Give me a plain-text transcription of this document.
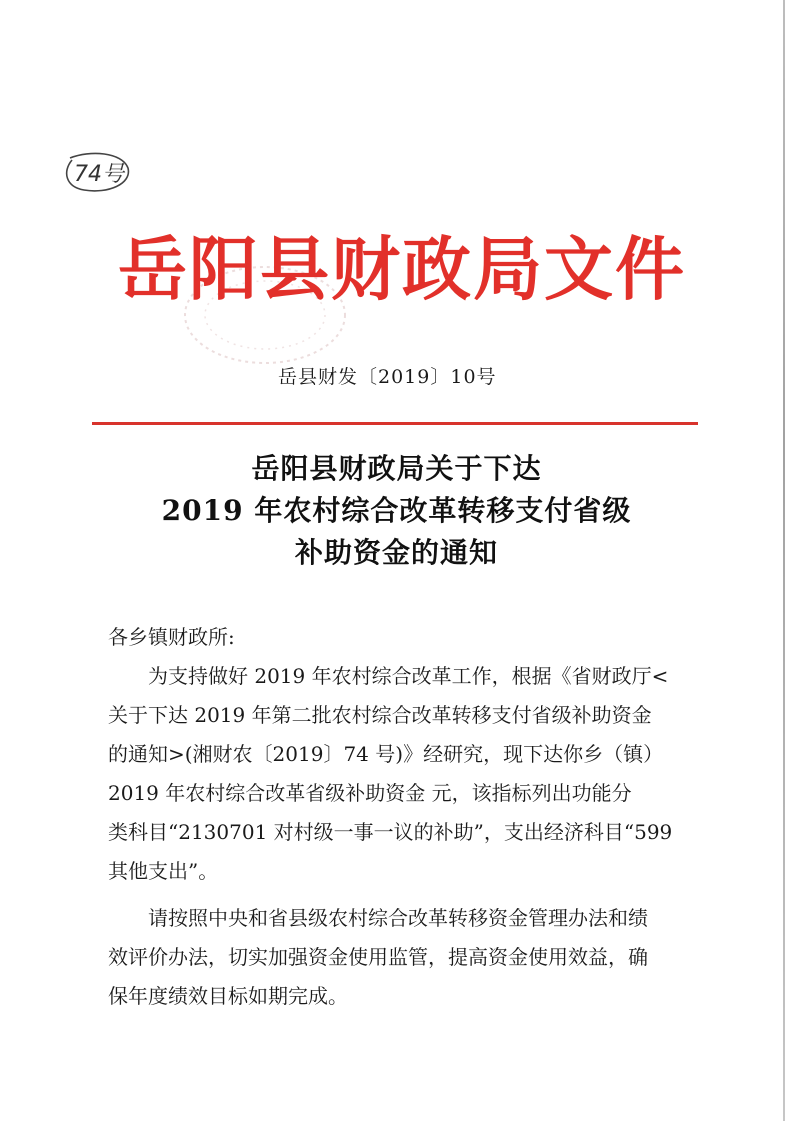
74号
岳阳县财政局文件
岳县财发〔2019〕10号
岳阳县财政局关于下达
2019 年农村综合改革转移支付省级
补助资金的通知

各乡镇财政所:

为支持做好 2019 年农村综合改革工作，根据《省财政厅<
关于下达 2019 年第二批农村综合改革转移支付省级补助资金
的通知>(湘财农〔2019〕74 号)》经研究，现下达你乡（镇）
2019 年农村综合改革省级补助资金 元，该指标列出功能分
类科目“2130701 对村级一事一议的补助”，支出经济科目“599
其他支出”。

请按照中央和省县级农村综合改革转移资金管理办法和绩
效评价办法，切实加强资金使用监管，提高资金使用效益，确
保年度绩效目标如期完成。
